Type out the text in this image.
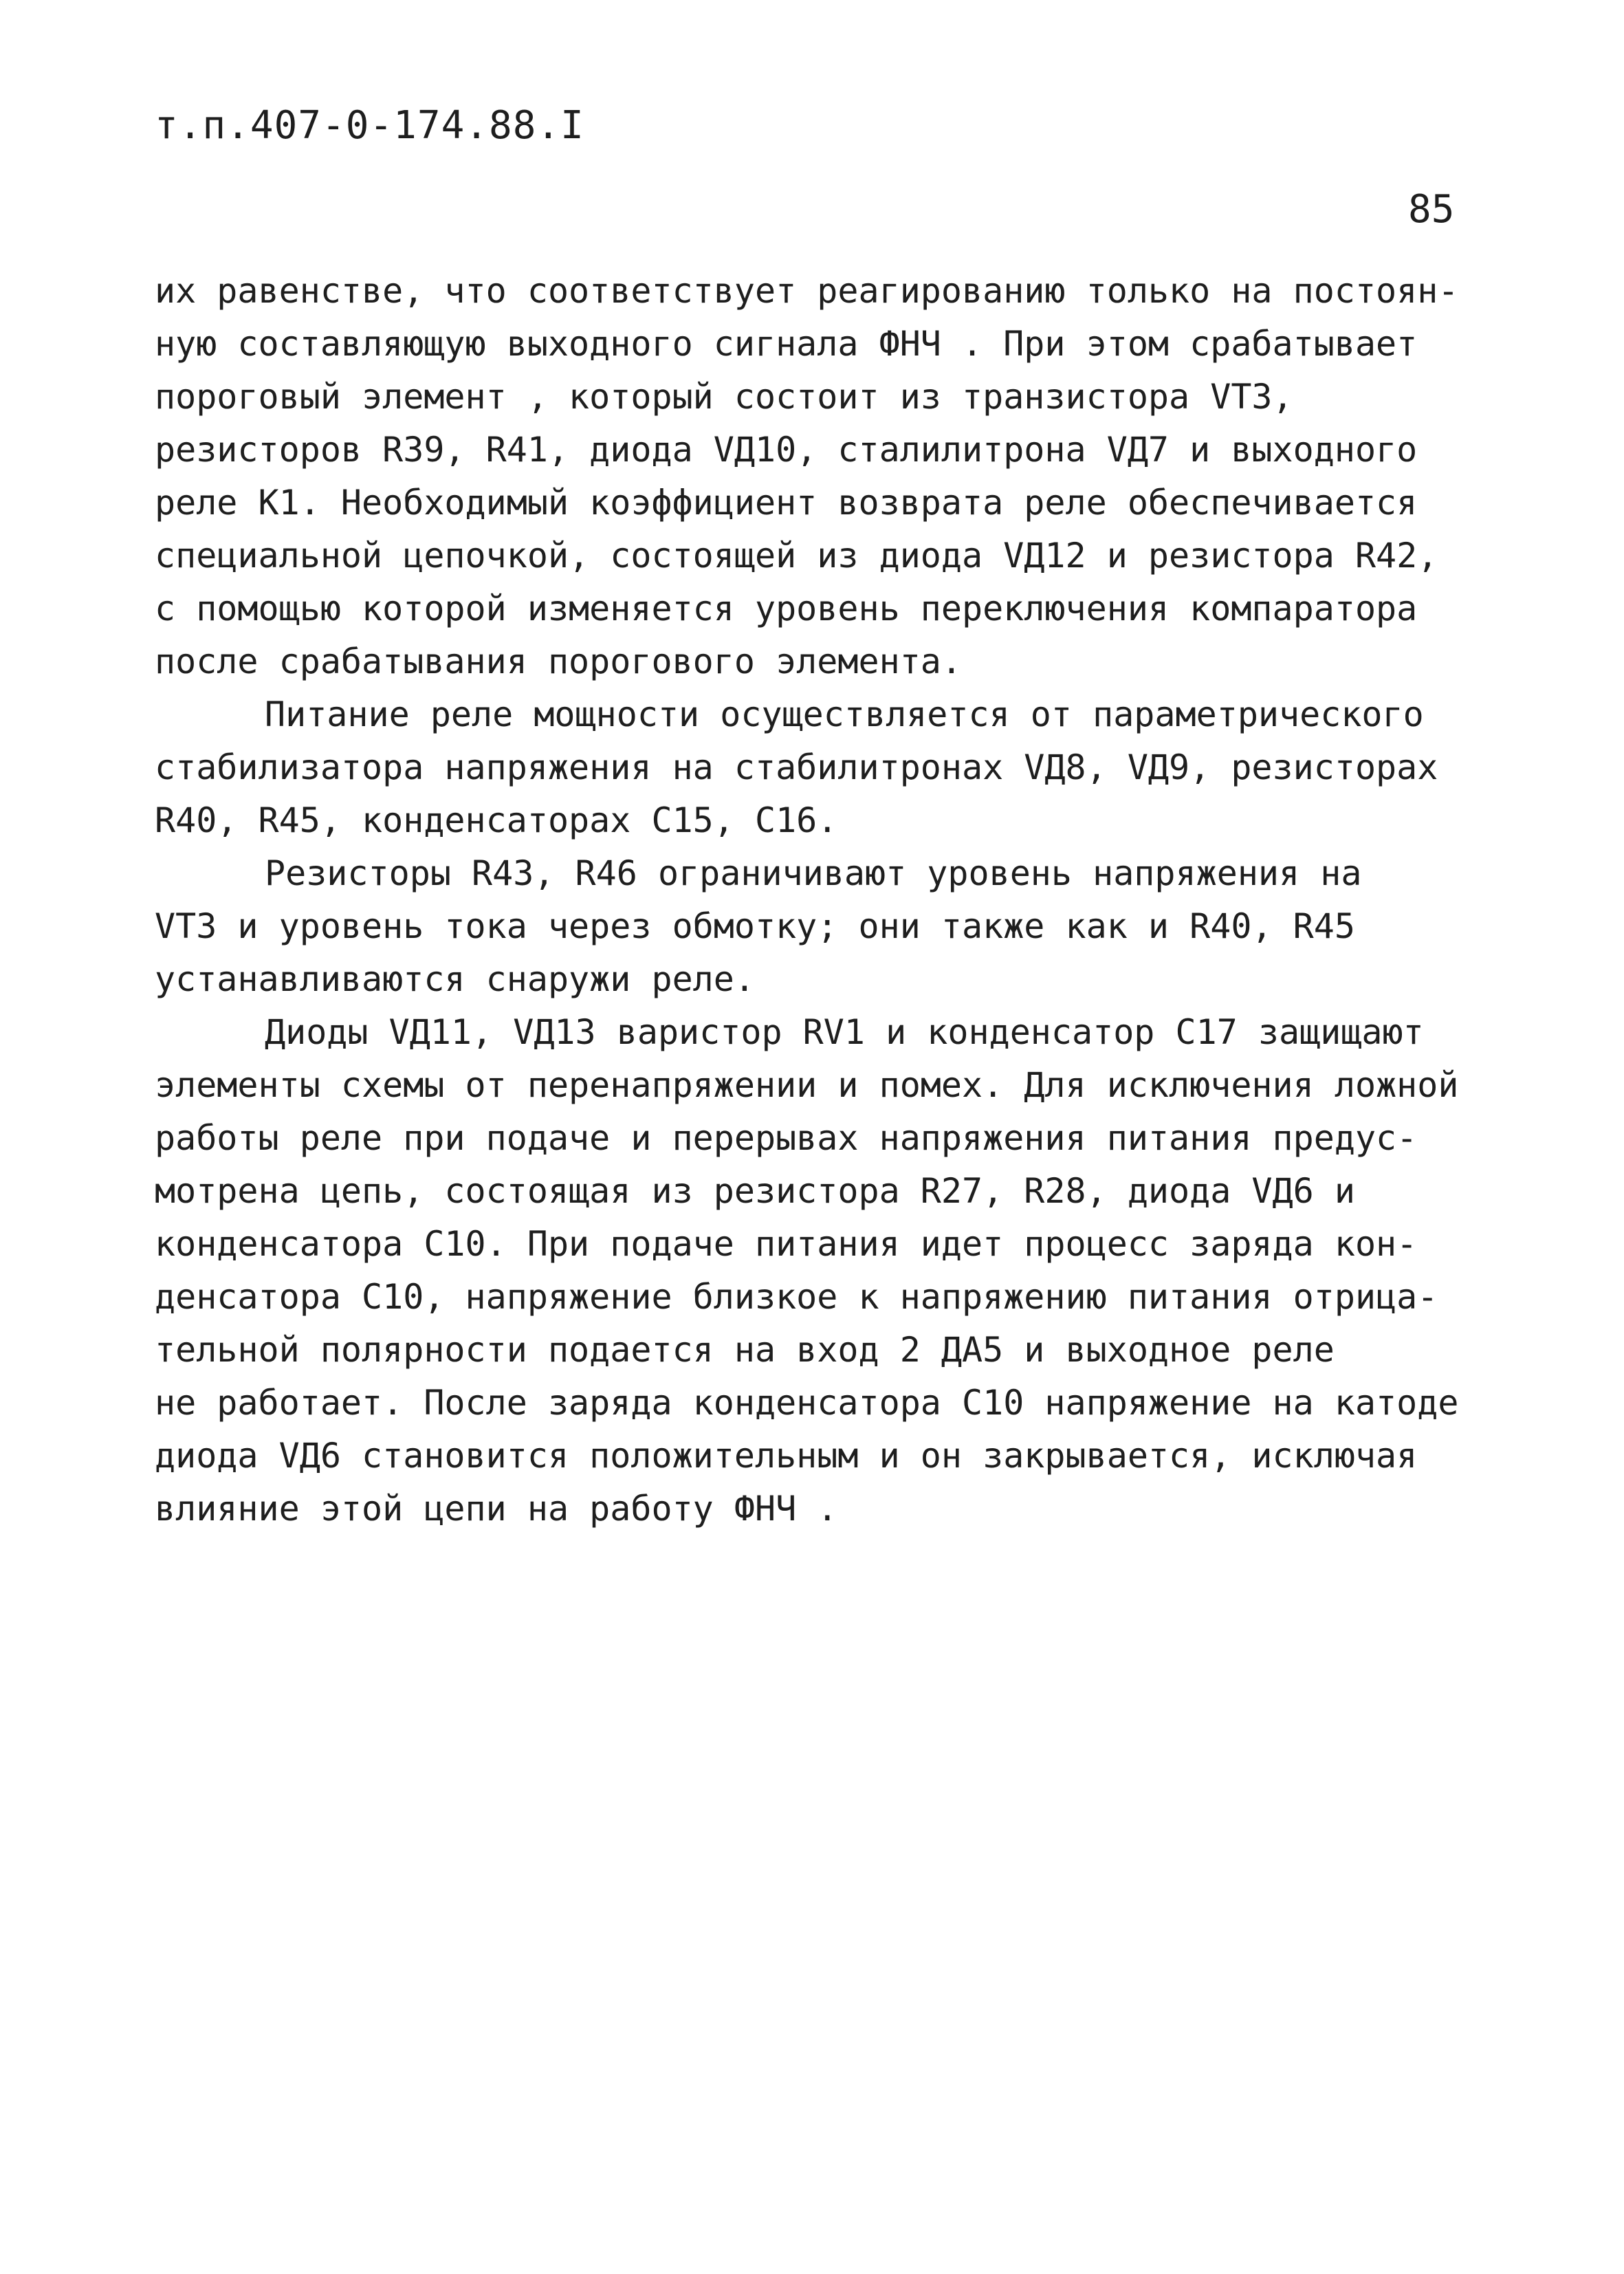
т.п.407-0-174.88.I
85
их равенстве, что соответствует реагированию только на постоян-
ную составляющую выходного сигнала ФНЧ . При этом срабатывает
пороговый элемент , который состоит из транзистора VТ3,
резисторов R39, R41, диода VД10, сталилитрона VД7 и выходного
реле К1. Необходимый коэффициент возврата реле обеспечивается
специальной цепочкой, состоящей из диода VД12 и резистора R42,
с помощью которой изменяется уровень переключения компаратора
после срабатывания порогового элемента.
Питание реле мощности осуществляется от параметрического
стабилизатора напряжения на стабилитронах VД8, VД9, резисторах
R40, R45, конденсаторах С15, С16.
Резисторы R43, R46 ограничивают уровень напряжения на
VТ3 и уровень тока через обмотку; они также как и R40, R45
устанавливаются снаружи реле.
Диоды VД11, VД13 варистор RV1 и конденсатор С17 защищают
элементы схемы от перенапряжении и помех. Для исключения ложной
работы реле при подаче и перерывах напряжения питания предус-
мотрена цепь, состоящая из резистора R27, R28, диода VД6 и
конденсатора С10. При подаче питания идет процесс заряда кон-
денсатора С10, напряжение близкое к напряжению питания отрица-
тельной полярности подается на вход 2 ДА5 и выходное реле
не работает. После заряда конденсатора С10 напряжение на катоде
диода VД6 становится положительным и он закрывается, исключая
влияние этой цепи на работу ФНЧ .
